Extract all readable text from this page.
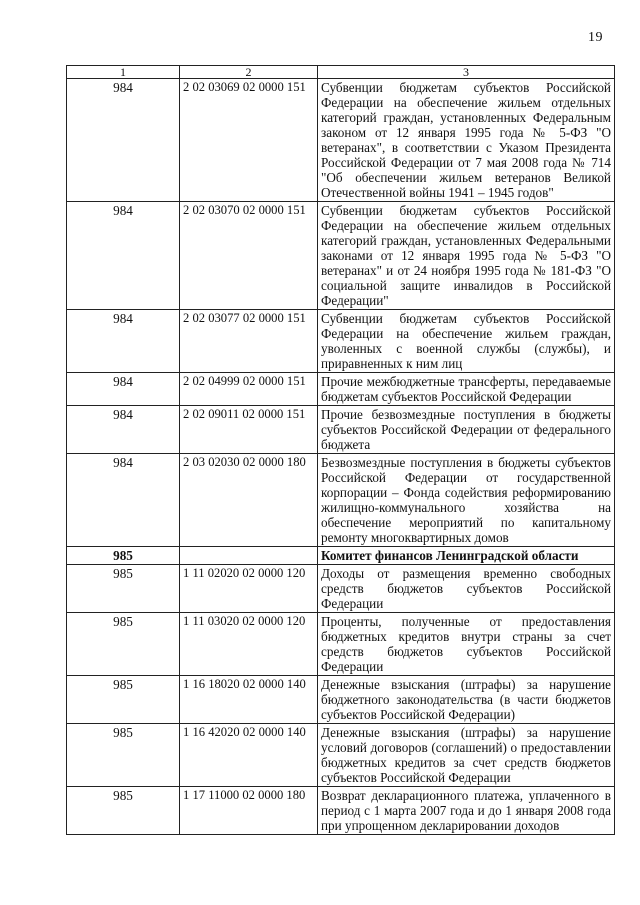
19
1	2	3
984	2 02 03069 02 0000 151	Субвенции бюджетам субъектов Российской Федерации на обеспечение жильем отдельных категорий граждан, установленных Федеральным законом от 12 января 1995 года № 5-ФЗ "О ветеранах", в соответствии с Указом Президента Российской Федерации от 7 мая 2008 года № 714 "Об обеспечении жильем ветеранов Великой Отечественной войны 1941 – 1945 годов"
984	2 02 03070 02 0000 151	Субвенции бюджетам субъектов Российской Федерации на обеспечение жильем отдельных категорий граждан, установленных Федеральными законами от 12 января 1995 года № 5-ФЗ "О ветеранах" и от 24 ноября 1995 года № 181-ФЗ "О социальной защите инвалидов в Российской Федерации"
984	2 02 03077 02 0000 151	Субвенции бюджетам субъектов Российской Федерации на обеспечение жильем граждан, уволенных с военной службы (службы), и приравненных к ним лиц
984	2 02 04999 02 0000 151	Прочие межбюджетные трансферты, передаваемые бюджетам субъектов Российской Федерации
984	2 02 09011 02 0000 151	Прочие безвозмездные поступления в бюджеты субъектов Российской Федерации от федерального бюджета
984	2 03 02030 02 0000 180	Безвозмездные поступления в бюджеты субъектов Российской Федерации от государственной корпорации – Фонда содействия реформированию жилищно-коммунального хозяйства на обеспечение мероприятий по капитальному ремонту многоквартирных домов
985		Комитет финансов Ленинградской области
985	1 11 02020 02 0000 120	Доходы от размещения временно свободных средств бюджетов субъектов Российской Федерации
985	1 11 03020 02 0000 120	Проценты, полученные от предоставления бюджетных кредитов внутри страны за счет средств бюджетов субъектов Российской Федерации
985	1 16 18020 02 0000 140	Денежные взыскания (штрафы) за нарушение бюджетного законодательства (в части бюджетов субъектов Российской Федерации)
985	1 16 42020 02 0000 140	Денежные взыскания (штрафы) за нарушение условий договоров (соглашений) о предоставлении бюджетных кредитов за счет средств бюджетов субъектов Российской Федерации
985	1 17 11000 02 0000 180	Возврат декларационного платежа, уплаченного в период с 1 марта 2007 года и до 1 января 2008 года при упрощенном декларировании доходов
